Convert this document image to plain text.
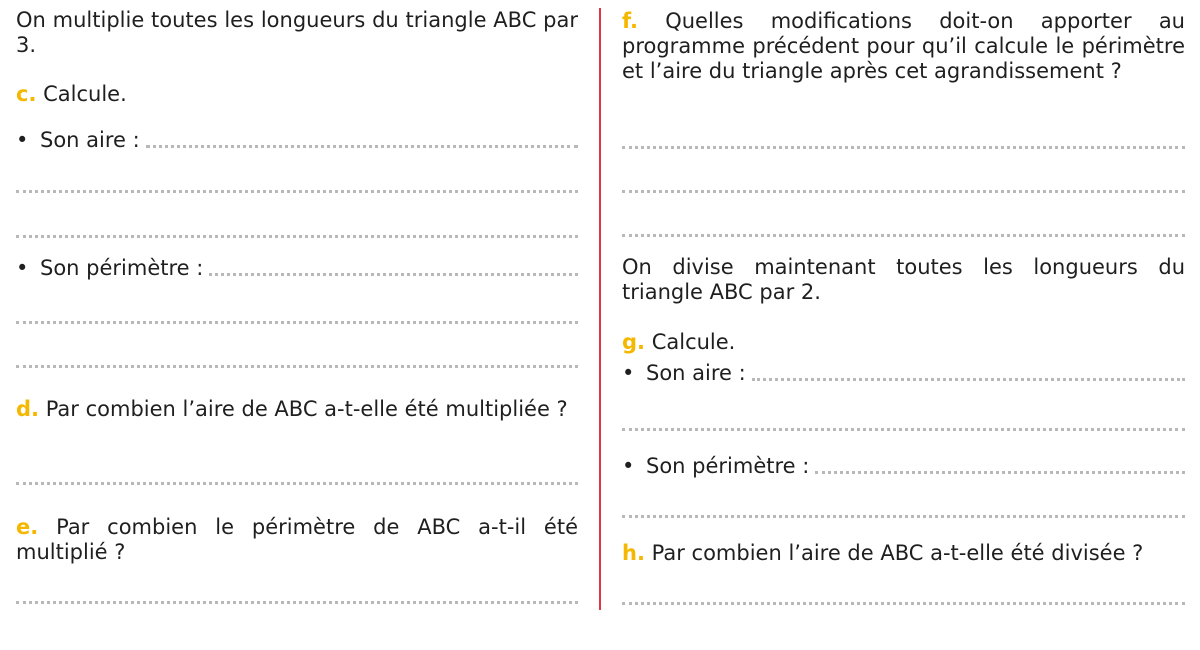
On multiplie toutes les longueurs du triangle ABC par 3.
c. Calcule.
• Son aire :
• Son périmètre :
d. Par combien l’aire de ABC a-t-elle été multipliée ?
e. Par combien le périmètre de ABC a-t-il été multiplié ?
f. Quelles modifications doit-on apporter au programme précédent pour qu’il calcule le périmètre et l’aire du triangle après cet agrandissement ?
On divise maintenant toutes les longueurs du triangle ABC par 2.
g. Calcule.
• Son aire :
• Son périmètre :
h. Par combien l’aire de ABC a-t-elle été divisée ?
